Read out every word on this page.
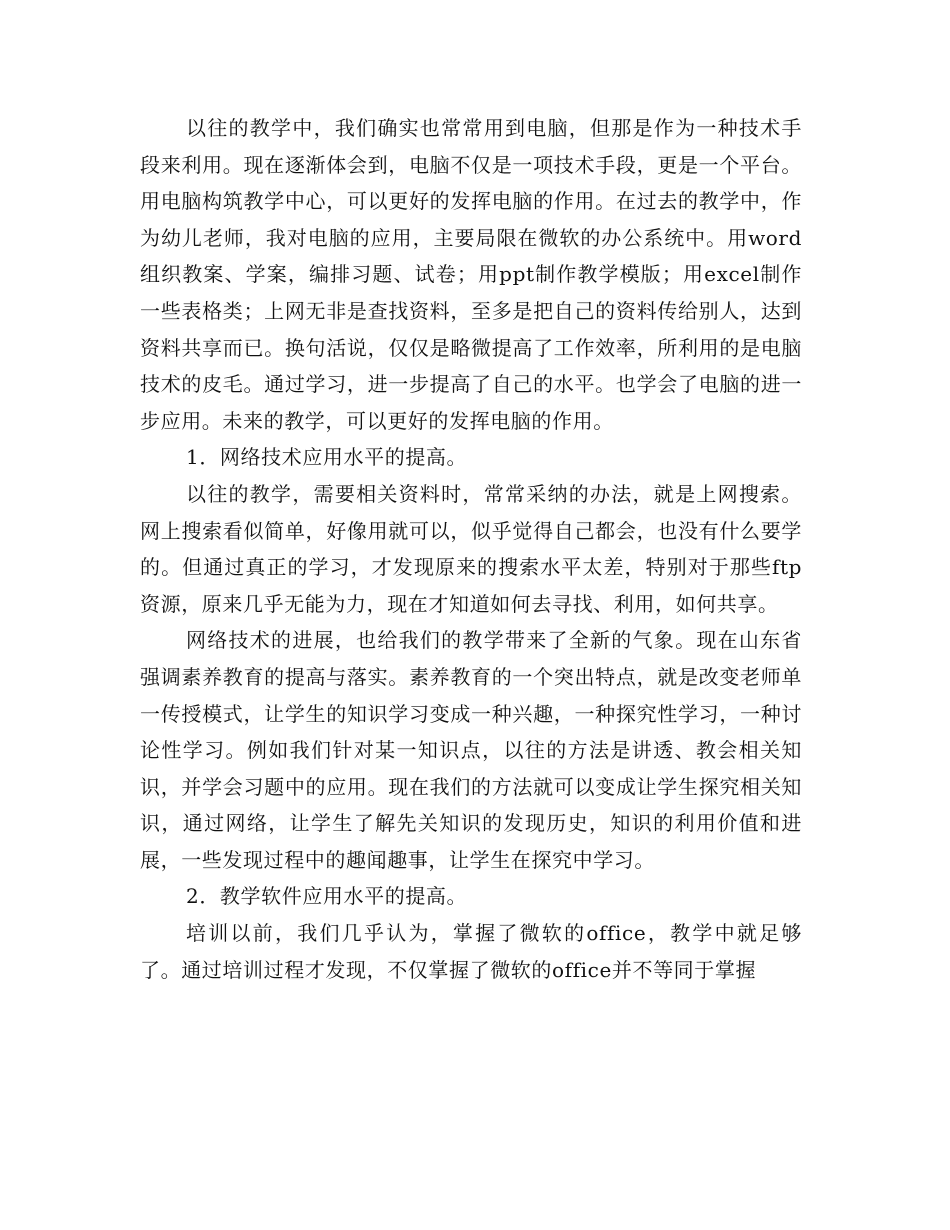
以往的教学中，我们确实也常常用到电脑，但那是作为一种技术手段来利用。现在逐渐体会到，电脑不仅是一项技术手段，更是一个平台。用电脑构筑教学中心，可以更好的发挥电脑的作用。在过去的教学中，作为幼儿老师，我对电脑的应用，主要局限在微软的办公系统中。用word组织教案、学案，编排习题、试卷；用ppt制作教学模版；用excel制作一些表格类；上网无非是查找资料，至多是把自己的资料传给别人，达到资料共享而已。换句活说，仅仅是略微提高了工作效率，所利用的是电脑技术的皮毛。通过学习，进一步提高了自己的水平。也学会了电脑的进一步应用。未来的教学，可以更好的发挥电脑的作用。

1．网络技术应用水平的提高。

以往的教学，需要相关资料时，常常采纳的办法，就是上网搜索。网上搜索看似简单，好像用就可以，似乎觉得自己都会，也没有什么要学的。但通过真正的学习，才发现原来的搜索水平太差，特别对于那些ftp资源，原来几乎无能为力，现在才知道如何去寻找、利用，如何共享。

网络技术的进展，也给我们的教学带来了全新的气象。现在山东省强调素养教育的提高与落实。素养教育的一个突出特点，就是改变老师单一传授模式，让学生的知识学习变成一种兴趣，一种探究性学习，一种讨论性学习。例如我们针对某一知识点，以往的方法是讲透、教会相关知识，并学会习题中的应用。现在我们的方法就可以变成让学生探究相关知识，通过网络，让学生了解先关知识的发现历史，知识的利用价值和进展，一些发现过程中的趣闻趣事，让学生在探究中学习。

2．教学软件应用水平的提高。

培训以前，我们几乎认为，掌握了微软的office，教学中就足够了。通过培训过程才发现，不仅掌握了微软的office并不等同于掌握
